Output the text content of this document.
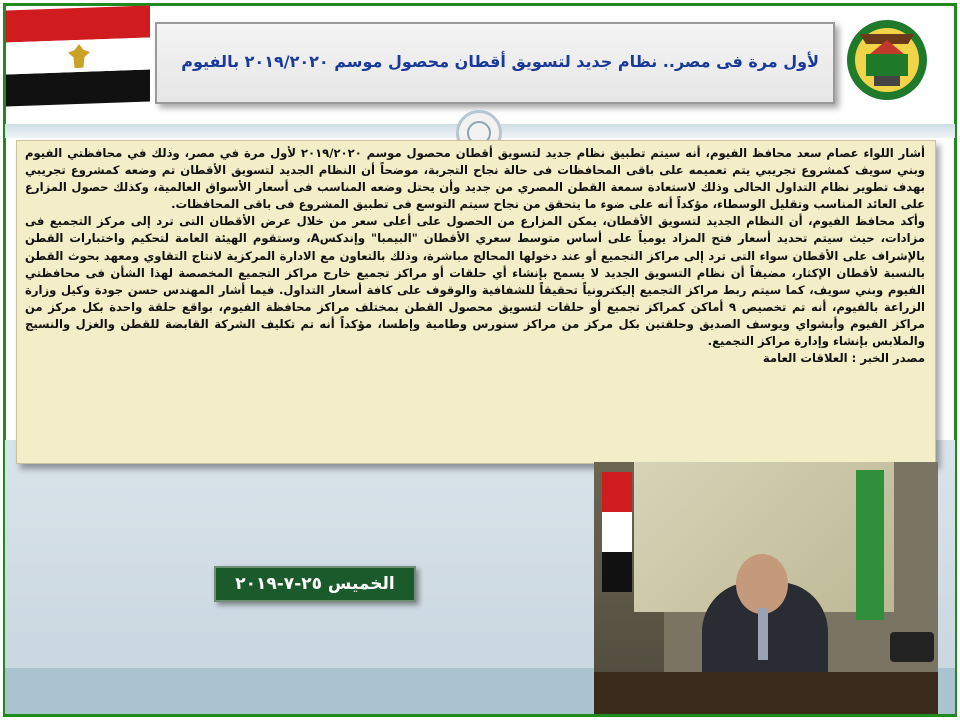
لأول مرة فى مصر.. نظام جديد لتسويق أقطان محصول موسم ٢٠١٩/٢٠٢٠ بالفيوم

أشار اللواء عصام سعد محافظ الفيوم، أنه سيتم تطبيق نظام جديد لتسويق أقطان محصول موسم ٢٠١٩/٢٠٢٠ لأول مرة في مصر، وذلك في محافظتي الفيوم وبني سويف كمشروع تجريبي يتم تعميمه على باقى المحافظات فى حالة نجاح التجربة، موضحاً أن النظام الجديد لتسويق الأقطان تم وضعه كمشروع تجريبي بهدف تطوير نظام التداول الحالى وذلك لاستعادة سمعة القطن المصري من جديد وأن يحتل وضعه المناسب فى أسعار الأسواق العالمية، وكذلك حصول المزارع على العائد المناسب وتقليل الوسطاء، مؤكداً أنه على ضوء ما يتحقق من نجاح سيتم التوسع فى تطبيق المشروع فى باقى المحافظات.

وأكد محافظ الفيوم، أن النظام الجديد لتسويق الأقطان، يمكن المزارع من الحصول على أعلى سعر من خلال عرض الأقطان التى ترد إلى مركز التجميع فى مزادات، حيث سيتم تحديد أسعار فتح المزاد يومياً على أساس متوسط سعري الأقطان "البيمبا" وإندكسA، وستقوم الهيئة العامة لتحكيم واختبارات القطن بالإشراف على الأقطان سواء التى ترد إلى مراكز التجميع أو عند دخولها المحالج مباشرة، وذلك بالتعاون مع الادارة المركزية لانتاج التقاوي ومعهد بحوث القطن بالنسبة لأقطان الإكثار، مضيفاً أن نظام التسويق الجديد لا يسمح بإنشاء أي حلقات أو مراكز تجميع خارج مراكز التجميع المخصصة لهذا الشأن فى محافظتي الفيوم وبني سويف، كما سيتم ربط مراكز التجميع إليكترونياً تحقيقاً للشفافية والوقوف على كافة أسعار التداول. فيما أشار المهندس حسن جودة وكيل وزارة الزراعة بالفيوم، أنه تم تخصيص ٩ أماكن كمراكز تجميع أو حلقات لتسويق محصول القطن بمختلف مراكز محافظة الفيوم، بواقع حلقة واحدة بكل مركز من مراكز الفيوم وأبشواي ويوسف الصديق وحلقتين بكل مركز من مراكز سنورس وطامية وإطسا، مؤكداً أنه تم تكليف الشركة القابضة للقطن والغزل والنسيج والملابس بإنشاء وإدارة مراكز التجميع.

مصدر الخبر : العلاقات العامة

الخميس ٢٥-٧-٢٠١٩
